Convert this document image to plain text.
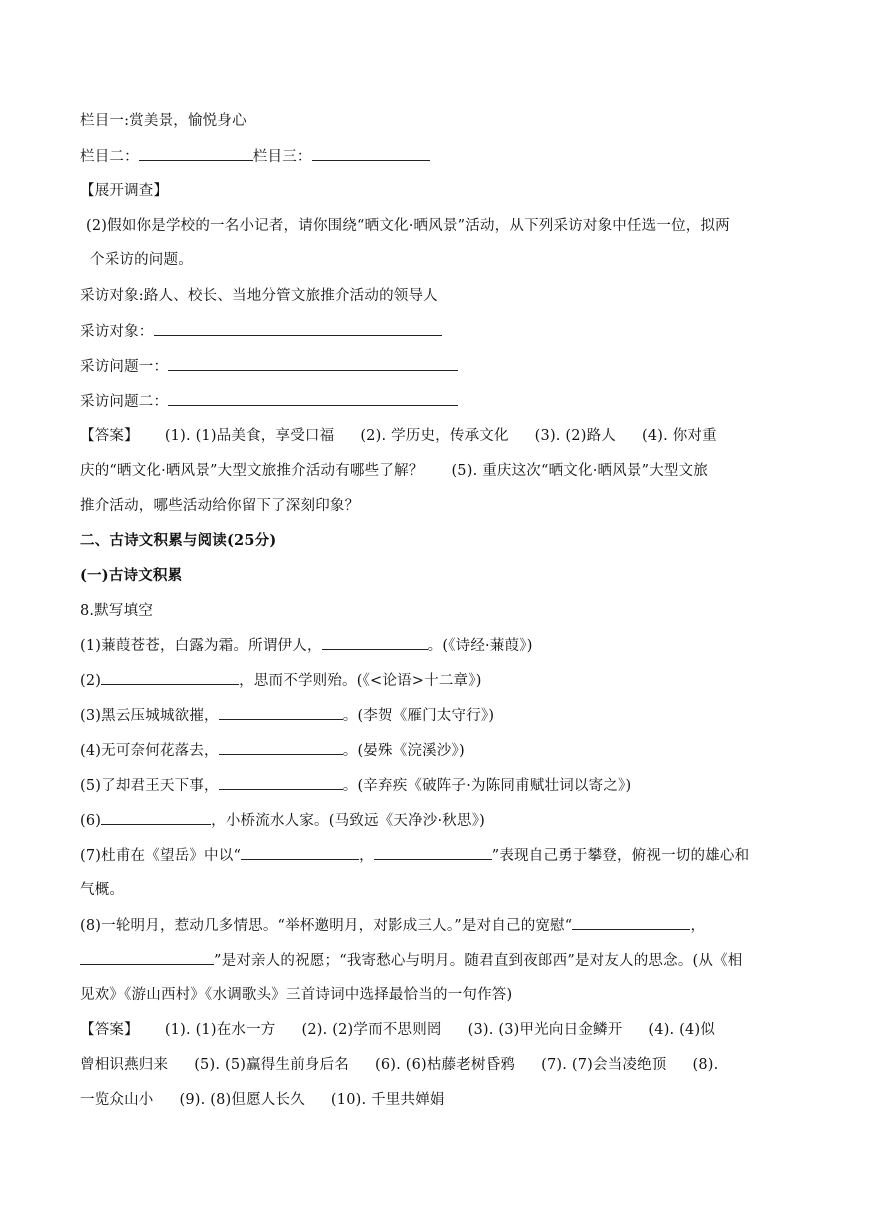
栏目一:赏美景，愉悦身心
栏目二：	栏目三：
【展开调查】
(2)假如你是学校的一名小记者，请你围绕“晒文化·晒风景”活动，从下列采访对象中任选一位，拟两
个采访的问题。
采访对象:路人、校长、当地分管文旅推介活动的领导人
采访对象：
采访问题一：
采访问题二：
【答案】 (1). (1)品美食，享受口福 (2). 学历史，传承文化 (3). (2)路人 (4). 你对重
庆的“晒文化·晒风景”大型文旅推介活动有哪些了解？ (5). 重庆这次“晒文化·晒风景”大型文旅
推介活动，哪些活动给你留下了深刻印象？
二、古诗文积累与阅读(25分)
(一)古诗文积累
8.默写填空
(1)蒹葭苍苍，白露为霜。所谓伊人，	。(《诗经·蒹葭》)
(2)	，思而不学则殆。(《<论语>十二章》)
(3)黑云压城城欲摧，	。(李贺《雁门太守行》)
(4)无可奈何花落去，	。(晏殊《浣溪沙》)
(5)了却君王天下事，	。(辛弃疾《破阵子·为陈同甫赋壮词以寄之》)
(6)	，小桥流水人家。(马致远《天净沙·秋思》)
(7)杜甫在《望岳》中以“	，	”表现自己勇于攀登，俯视一切的雄心和
气概。
(8)一轮明月，惹动几多情思。“举杯邀明月，对影成三人。”是对自己的宽慰“	，
”是对亲人的祝愿；“我寄愁心与明月。随君直到夜郎西”是对友人的思念。(从《相
见欢》《游山西村》《水调歌头》三首诗词中选择最恰当的一句作答)
【答案】 (1). (1)在水一方 (2). (2)学而不思则罔 (3). (3)甲光向日金鳞开 (4). (4)似
曾相识燕归来 (5). (5)赢得生前身后名 (6). (6)枯藤老树昏鸦 (7). (7)会当凌绝顶 (8).
一览众山小 (9). (8)但愿人长久 (10). 千里共婵娟
